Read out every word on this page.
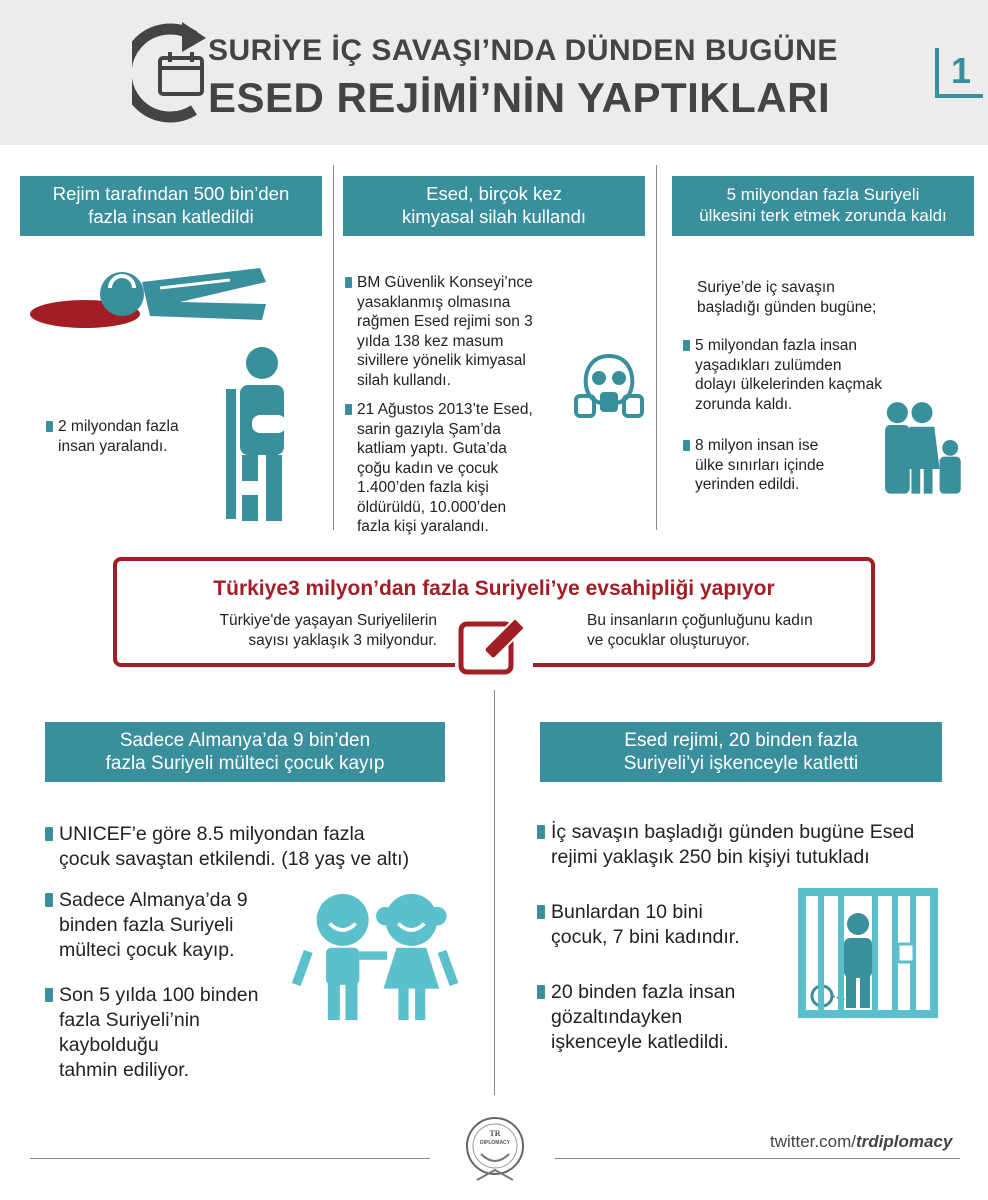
SURİYE İÇ SAVAŞI’NDA DÜNDEN BUGÜNE
ESED REJİMİ’NİN YAPTIKLARI
1
Rejim tarafından 500 bin’den
fazla insan katledildi
2 milyondan fazla
insan yaralandı.
Esed, birçok kez
kimyasal silah kullandı
BM Güvenlik Konseyi’nce
yasaklanmış olmasına
rağmen Esed rejimi son 3
yılda 138 kez masum
sivillere yönelik kimyasal
silah kullandı.
21 Ağustos 2013’te Esed,
sarin gazıyla Şam’da
katliam yaptı. Guta’da
çoğu kadın ve çocuk
1.400’den fazla kişi
öldürüldü, 10.000’den
fazla kişi yaralandı.
5 milyondan fazla Suriyeli
ülkesini terk etmek zorunda kaldı
Suriye’de iç savaşın
başladığı günden bugüne;
5 milyondan fazla insan
yaşadıkları zulümden
dolayı ülkelerinden kaçmak
zorunda kaldı.
8 milyon insan ise
ülke sınırları içinde
yerinden edildi.
Türkiye3 milyon’dan fazla Suriyeli’ye evsahipliği yapıyor
Türkiye'de yaşayan Suriyelilerin
sayısı yaklaşık 3 milyondur.
Bu insanların çoğunluğunu kadın
ve çocuklar oluşturuyor.
Sadece Almanya’da 9 bin’den
fazla Suriyeli mülteci çocuk kayıp
UNICEF’e göre 8.5 milyondan fazla
çocuk savaştan etkilendi. (18 yaş ve altı)
Sadece Almanya’da 9
binden fazla Suriyeli
mülteci çocuk kayıp.
Son 5 yılda 100 binden
fazla Suriyeli’nin
kaybolduğu
tahmin ediliyor.
Esed rejimi, 20 binden fazla
Suriyeli’yi işkenceyle katletti
İç savaşın başladığı günden bugüne Esed
rejimi yaklaşık 250 bin kişiyi tutukladı
Bunlardan 10 bini
çocuk, 7 bini kadındır.
20 binden fazla insan
gözaltındayken
işkenceyle katledildi.
TR
DIPLOMACY	twitter.com/trdiplomacy
